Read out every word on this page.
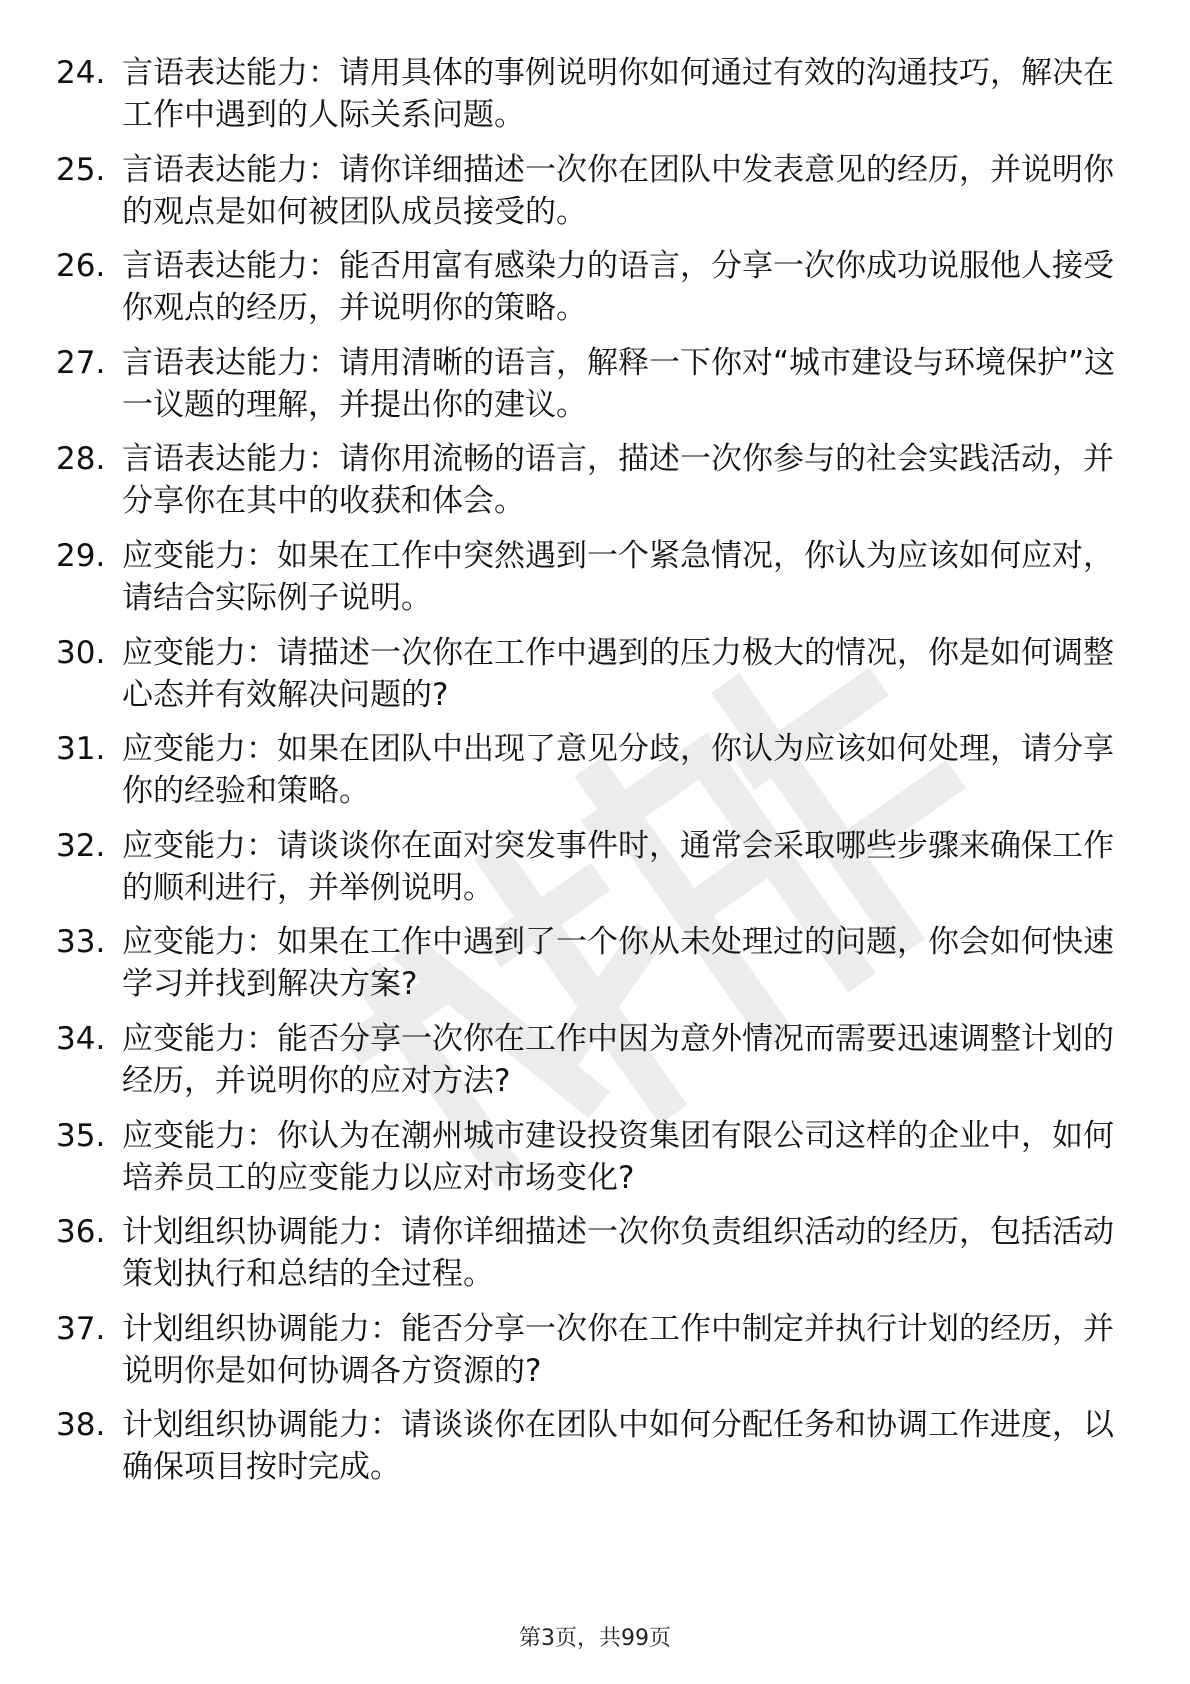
24. 言语表达能力：请用具体的事例说明你如何通过有效的沟通技巧，解决在工作中遇到的人际关系问题。
25. 言语表达能力：请你详细描述一次你在团队中发表意见的经历，并说明你的观点是如何被团队成员接受的。
26. 言语表达能力：能否用富有感染力的语言，分享一次你成功说服他人接受你观点的经历，并说明你的策略。
27. 言语表达能力：请用清晰的语言，解释一下你对“城市建设与环境保护”这一议题的理解，并提出你的建议。
28. 言语表达能力：请你用流畅的语言，描述一次你参与的社会实践活动，并分享你在其中的收获和体会。
29. 应变能力：如果在工作中突然遇到一个紧急情况，你认为应该如何应对，请结合实际例子说明。
30. 应变能力：请描述一次你在工作中遇到的压力极大的情况，你是如何调整心态并有效解决问题的?
31. 应变能力：如果在团队中出现了意见分歧，你认为应该如何处理，请分享你的经验和策略。
32. 应变能力：请谈谈你在面对突发事件时，通常会采取哪些步骤来确保工作的顺利进行，并举例说明。
33. 应变能力：如果在工作中遇到了一个你从未处理过的问题，你会如何快速学习并找到解决方案?
34. 应变能力：能否分享一次你在工作中因为意外情况而需要迅速调整计划的经历，并说明你的应对方法?
35. 应变能力：你认为在潮州城市建设投资集团有限公司这样的企业中，如何培养员工的应变能力以应对市场变化?
36. 计划组织协调能力：请你详细描述一次你负责组织活动的经历，包括活动策划执行和总结的全过程。
37. 计划组织协调能力：能否分享一次你在工作中制定并执行计划的经历，并说明你是如何协调各方资源的?
38. 计划组织协调能力：请谈谈你在团队中如何分配任务和协调工作进度，以确保项目按时完成。
第3页，共99页
